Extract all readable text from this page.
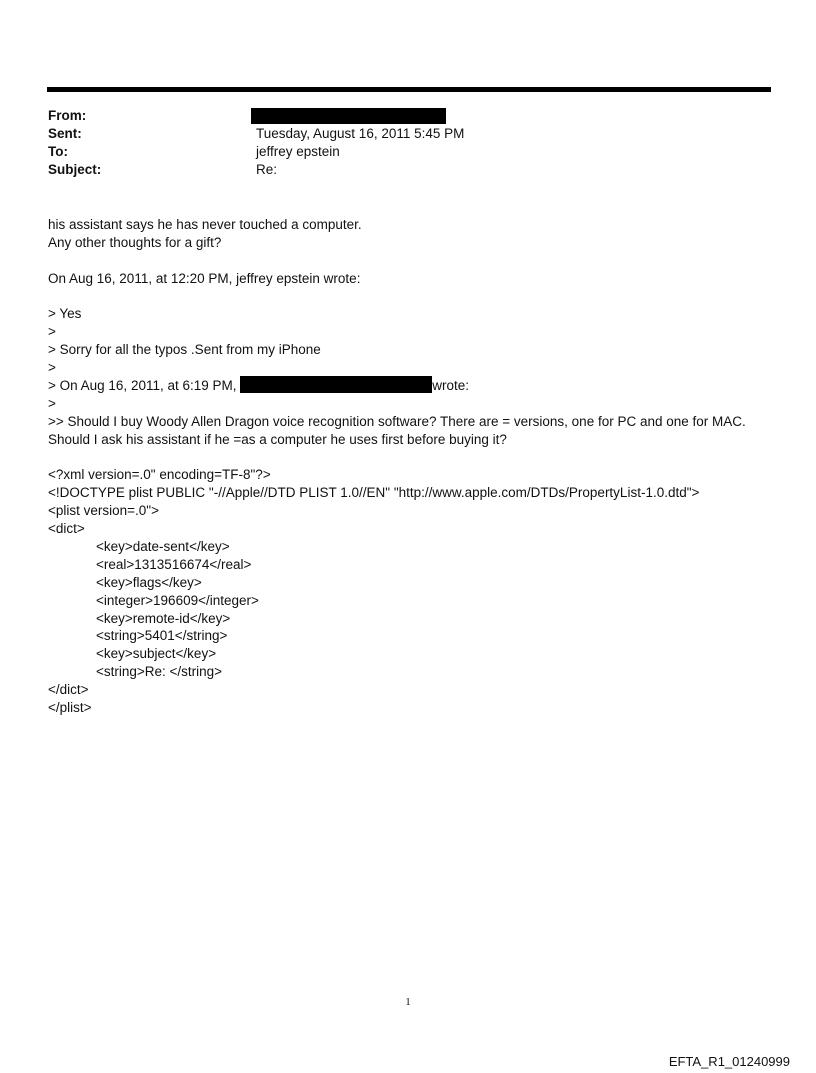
From:
Sent:	Tuesday, August 16, 2011 5:45 PM
To:	jeffrey epstein
Subject:	Re:
his assistant says he has never touched a computer.
Any other thoughts for a gift?
On Aug 16, 2011, at 12:20 PM, jeffrey epstein wrote:
> Yes
>
> Sorry for all the typos .Sent from my iPhone
>
> On Aug 16, 2011, at 6:19 PM,	wrote:
>
>> Should I buy Woody Allen Dragon voice recognition software? There are = versions, one for PC and one for MAC.
Should I ask his assistant if he =as a computer he uses first before buying it?
<?xml version=.0" encoding=TF-8"?>
<!DOCTYPE plist PUBLIC "-//Apple//DTD PLIST 1.0//EN" "http://www.apple.com/DTDs/PropertyList-1.0.dtd">
<plist version=.0">
<dict>
<key>date-sent</key>
<real>1313516674</real>
<key>flags</key>
<integer>196609</integer>
<key>remote-id</key>
<string>5401</string>
<key>subject</key>
<string>Re: </string>
</dict>
</plist>
1
EFTA_R1_01240999
